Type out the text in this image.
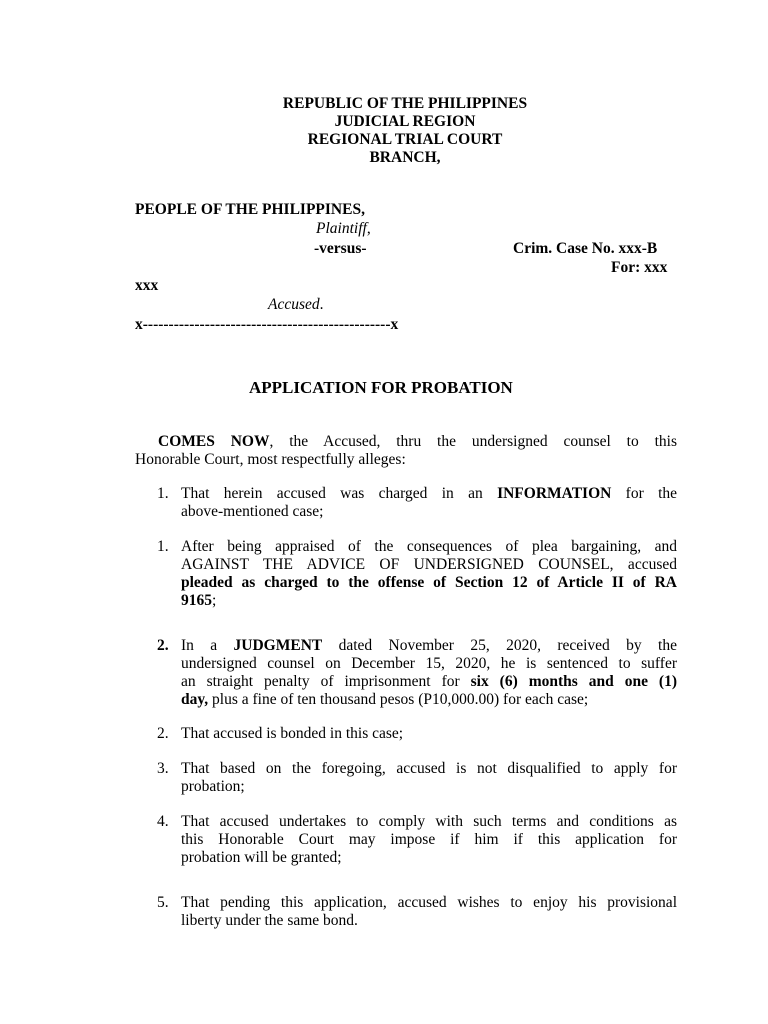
REPUBLIC OF THE PHILIPPINES
JUDICIAL REGION
REGIONAL TRIAL COURT
BRANCH,
PEOPLE OF THE PHILIPPINES,
Plaintiff,
-versus-	Crim. Case No. xxx-B
For: xxx
xxx
Accused.
x------------------------------------------------x
APPLICATION FOR PROBATION
COMES NOW, the Accused, thru the undersigned counsel to this
Honorable Court, most respectfully alleges:
1. That herein accused was charged in an INFORMATION for the
above-mentioned case;
1. After being appraised of the consequences of plea bargaining, and
AGAINST THE ADVICE OF UNDERSIGNED COUNSEL, accused
pleaded as charged to the offense of Section 12 of Article II of RA
9165;
2. In a JUDGMENT dated November 25, 2020, received by the
undersigned counsel on December 15, 2020, he is sentenced to suffer
an straight penalty of imprisonment for six (6) months and one (1)
day, plus a fine of ten thousand pesos (P10,000.00) for each case;
2. That accused is bonded in this case;
3. That based on the foregoing, accused is not disqualified to apply for
probation;
4. That accused undertakes to comply with such terms and conditions as
this Honorable Court may impose if him if this application for
probation will be granted;
5. That pending this application, accused wishes to enjoy his provisional
liberty under the same bond.
